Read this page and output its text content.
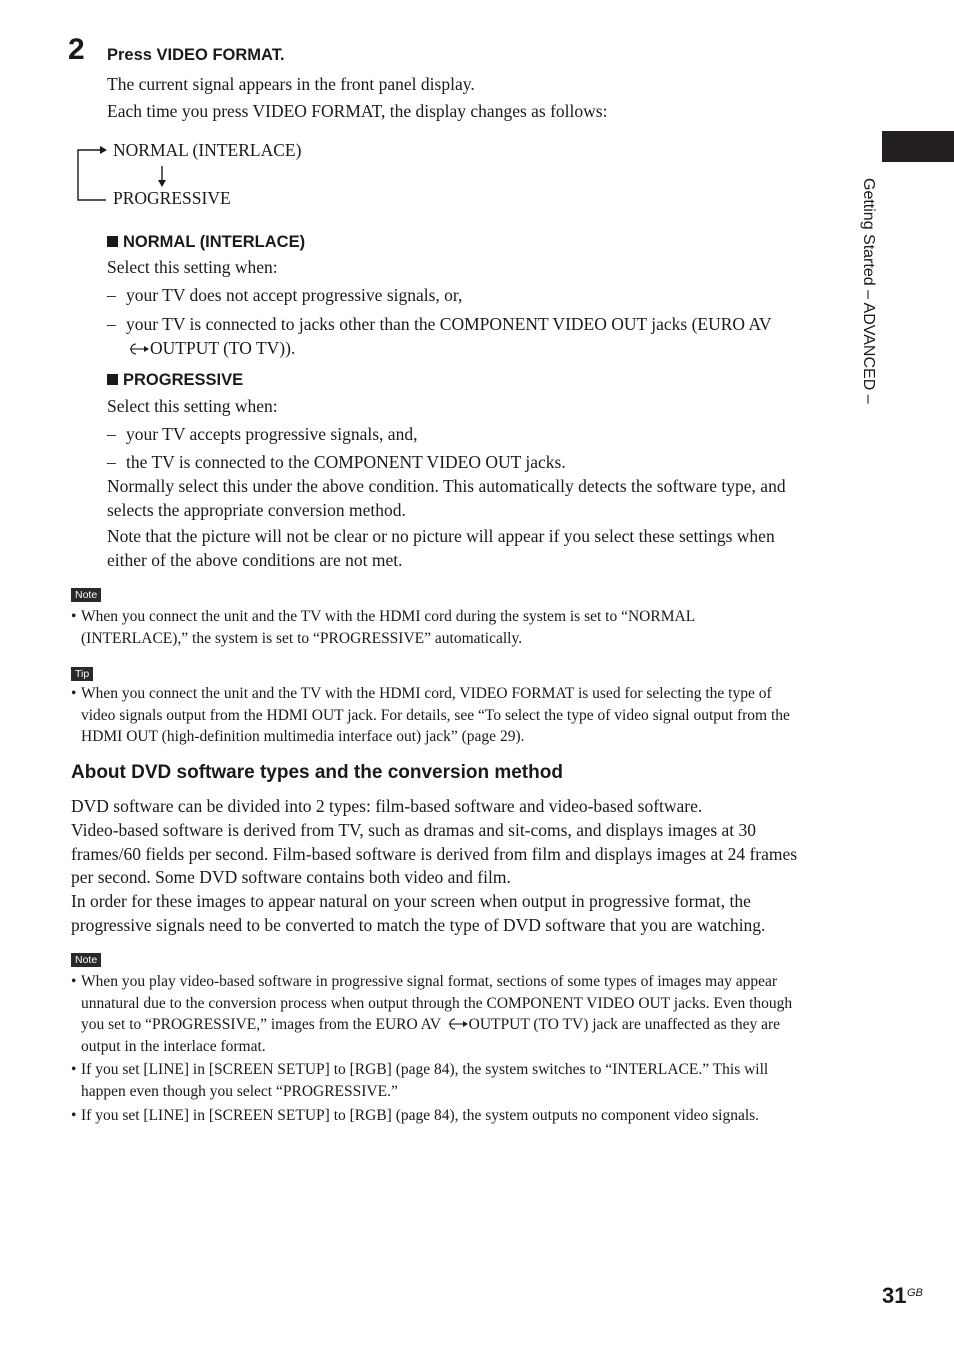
2 Press VIDEO FORMAT.
The current signal appears in the front panel display.
Each time you press VIDEO FORMAT, the display changes as follows:
NORMAL (INTERLACE)
PROGRESSIVE
NORMAL (INTERLACE)
Select this setting when:
– your TV does not accept progressive signals, or,
– your TV is connected to jacks other than the COMPONENT VIDEO OUT jacks (EURO AV
OUTPUT (TO TV)).
PROGRESSIVE
Select this setting when:
– your TV accepts progressive signals, and,
– the TV is connected to the COMPONENT VIDEO OUT jacks.
Normally select this under the above condition. This automatically detects the software type, and
selects the appropriate conversion method.
Note that the picture will not be clear or no picture will appear if you select these settings when
either of the above conditions are not met.
Note
• When you connect the unit and the TV with the HDMI cord during the system is set to “NORMAL
(INTERLACE),” the system is set to “PROGRESSIVE” automatically.
Tip
• When you connect the unit and the TV with the HDMI cord, VIDEO FORMAT is used for selecting the type of
video signals output from the HDMI OUT jack. For details, see “To select the type of video signal output from the
HDMI OUT (high-definition multimedia interface out) jack” (page 29).
About DVD software types and the conversion method
DVD software can be divided into 2 types: film-based software and video-based software.
Video-based software is derived from TV, such as dramas and sit-coms, and displays images at 30
frames/60 fields per second. Film-based software is derived from film and displays images at 24 frames
per second. Some DVD software contains both video and film.
In order for these images to appear natural on your screen when output in progressive format, the
progressive signals need to be converted to match the type of DVD software that you are watching.
Note
• When you play video-based software in progressive signal format, sections of some types of images may appear
unnatural due to the conversion process when output through the COMPONENT VIDEO OUT jacks. Even though
you set to “PROGRESSIVE,” images from the EURO AV OUTPUT (TO TV) jack are unaffected as they are
output in the interlace format.
• If you set [LINE] in [SCREEN SETUP] to [RGB] (page 84), the system switches to “INTERLACE.” This will
happen even though you select “PROGRESSIVE.”
• If you set [LINE] in [SCREEN SETUP] to [RGB] (page 84), the system outputs no component video signals.
Getting Started – ADVANCED –
31 GB
